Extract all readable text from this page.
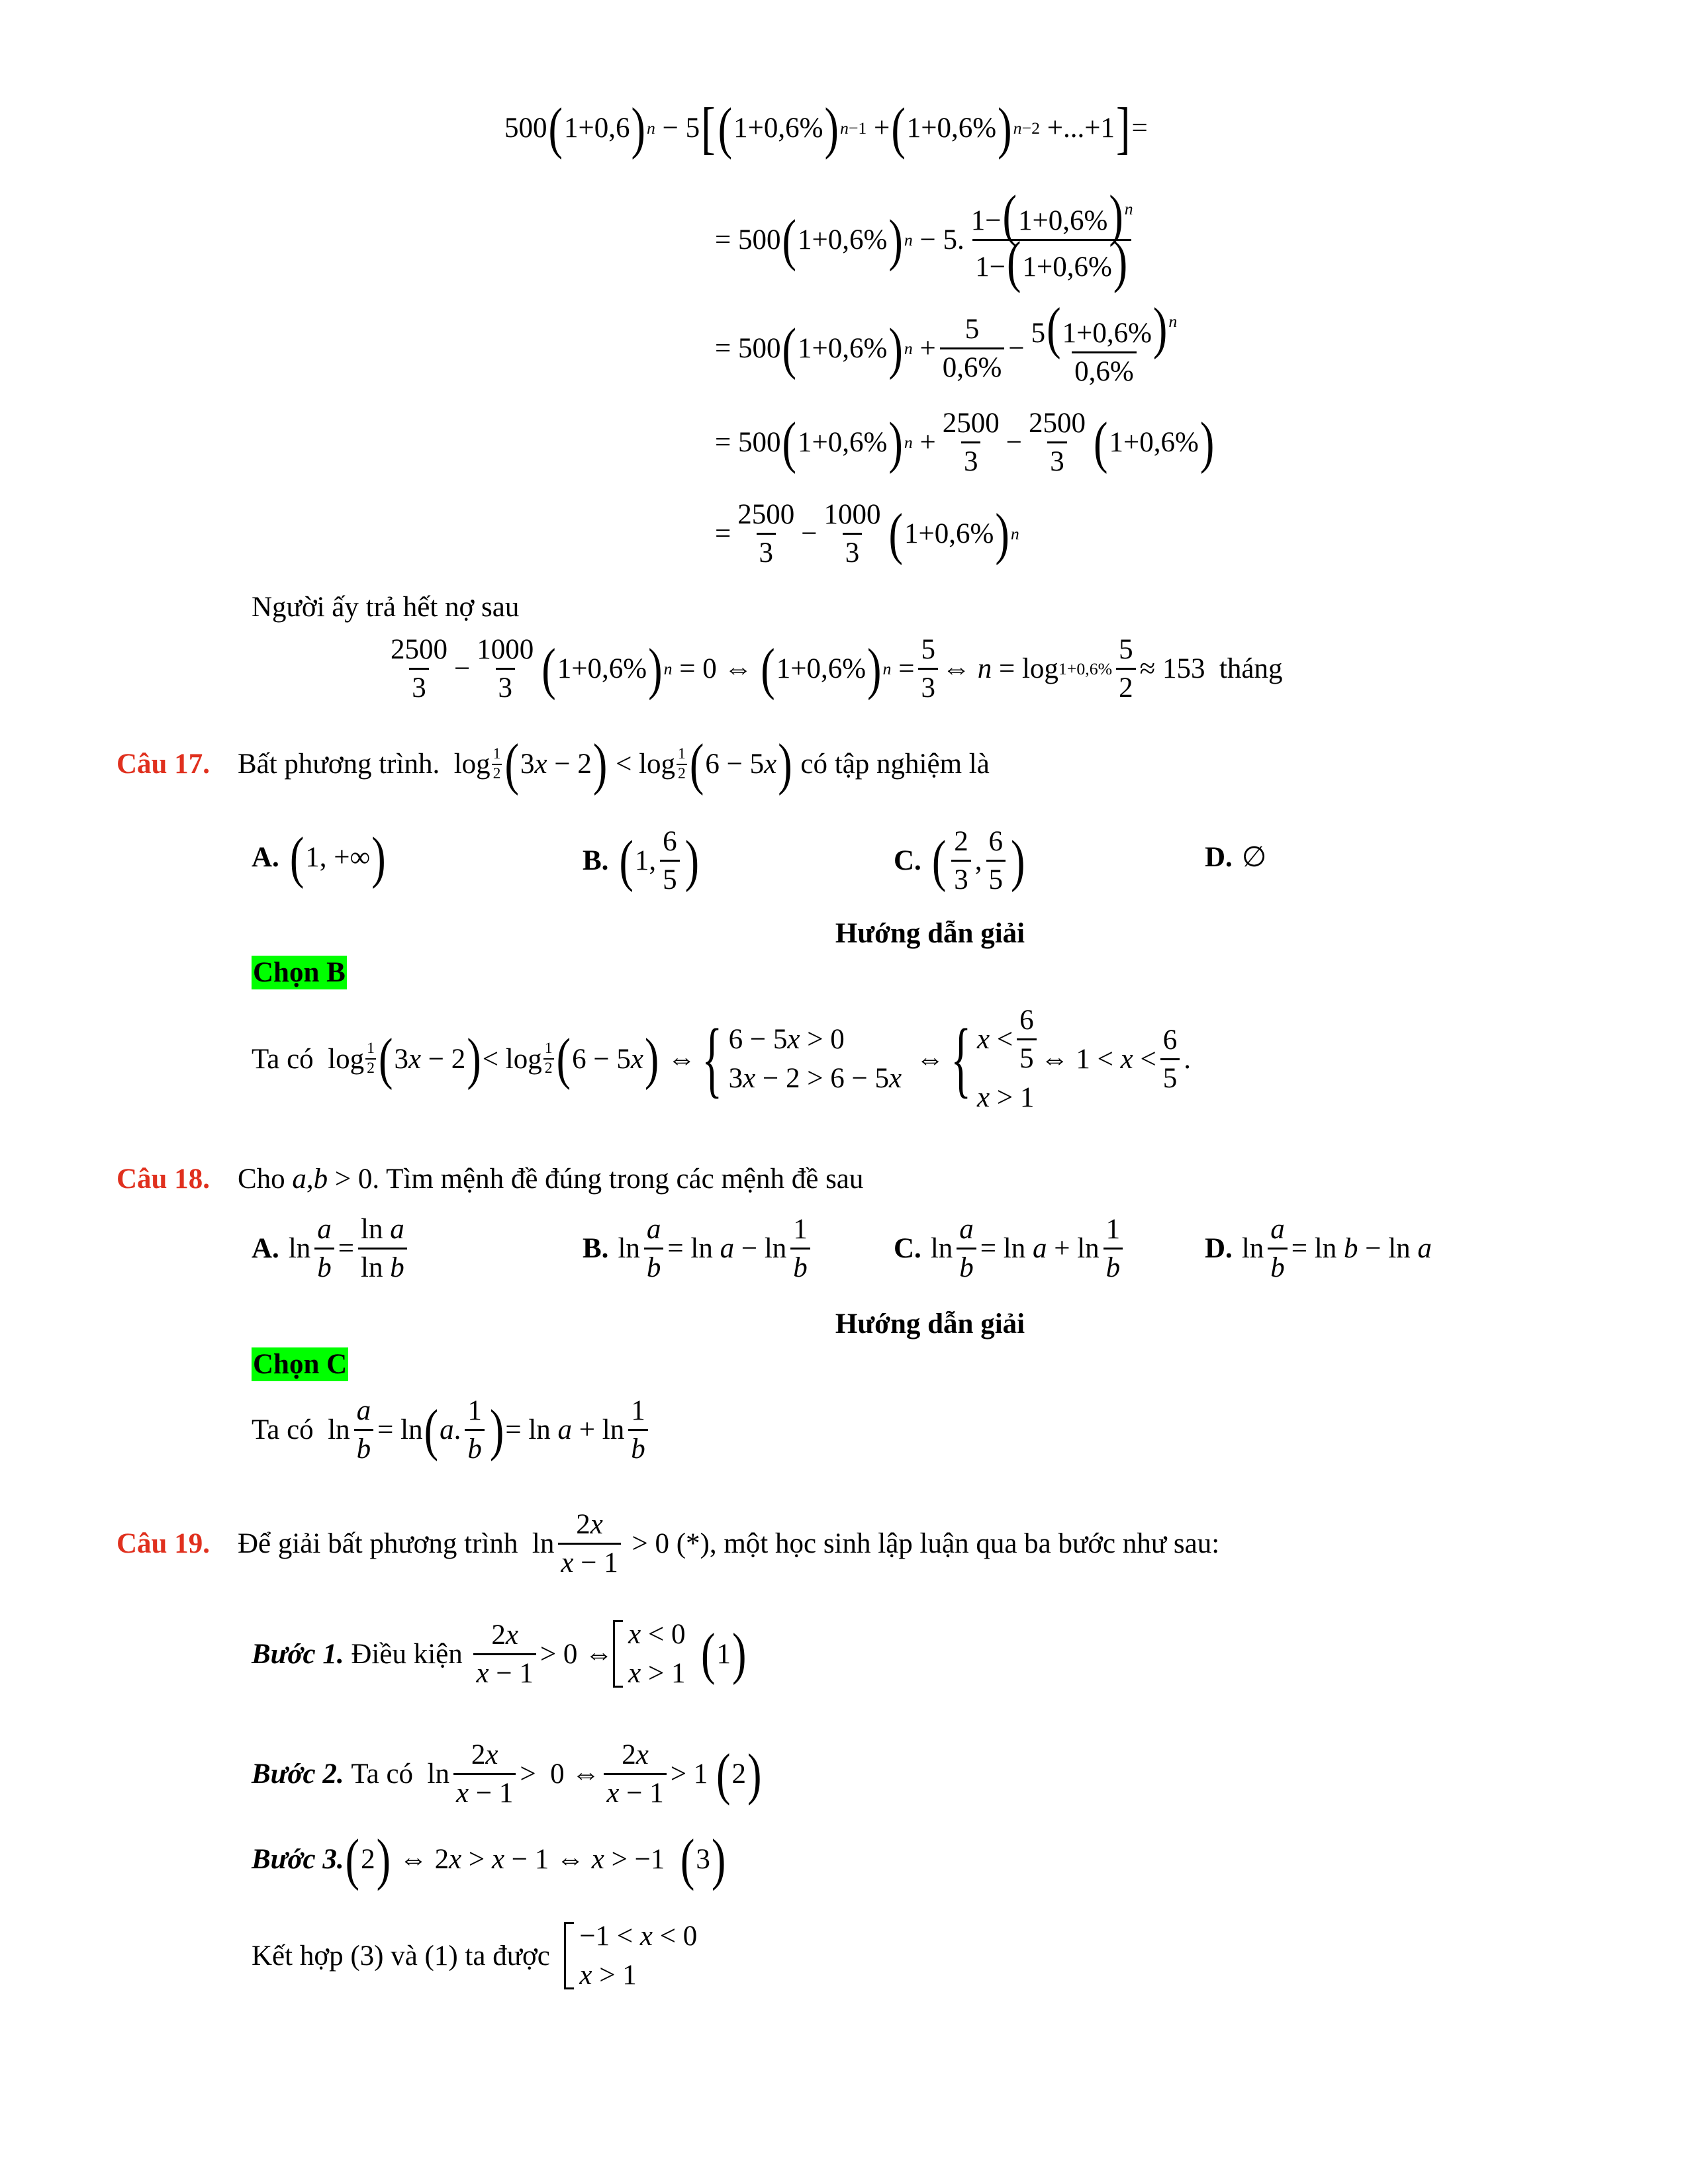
500 ( 1+0,6 ) n − 5 [ ( 1+0,6% ) n −1 + ( 1+0,6% ) n −2 +...+1 ] =
= 500 ( 1+0,6% ) n − 5.
$1-(1+0,6\%)^n$
1−(1+0,6%)
= 500 ( 1+0,6% ) n +
5
0,6%
− $5(1+0,6\%)^n$
0,6%
= 500 ( 1+0,6% ) n +
2500
3
−
2500
3 ( 1+0,6% )
=
2500
3
−
1000
3 ( 1+0,6% ) n
Người ấy trả hết nợ sau
2500
3
−
1000
3 ( 1+0,6% ) n = 0 ⇔ ( 1+0,6% ) n =
5
3
⇔ n = log 1+0,6%
5
2
≈ 153 tháng
Câu 17. Bất phương trình. log 1
2 ( 3 x − 2 ) < log 1
2 ( 6 − 5 x )
có tập nghiệm là
A. ( 1, +∞ )	B. ( 1,
6
5 )	C. ( 2
3
,
6
5 )	D. ∅
Hướng dẫn giải
Chọn B
Ta có log 1
2 ( 3 x − 2 ) < log 1
2 ( 6 − 5 x ) ⇔ { 6 − 5x > 0
3x − 2 > 6 − 5x
⇔ { x <
6
5
x > 1
⇔ 1 < x <
6
5
.
Câu 18. Cho
a , b > 0 . Tìm mệnh đề đúng trong các mệnh đề sau
A. ln
a
b
=
ln a
ln b
B. ln
a
b
= ln a − ln
1
b
C. ln
a
b
= ln a + ln
1
b
D. ln
a
b
= ln b − ln a
Hướng dẫn giải
Chọn C
Ta có ln
a
b
= ln ( a .
1
b ) = ln a + ln
1
b
Câu 19. Để giải bất phương trình ln
2x
x − 1

> 0 (*), một học sinh lập luận qua ba bước như sau:
Bước 1.
Điều kiện

2x
x − 1
> 0 ⇔
x < 0
x > 1
( 1 )
Bước 2.
Ta có ln
2x
x − 1
>  0 ⇔
2x
x − 1
> 1 ( 2 )
Bước 3. ( 2 ) ⇔ 2 x > x − 1 ⇔ x > −1 ( 3 )
Kết hợp (3) và (1) ta được

−1 < x < 0
x > 1
